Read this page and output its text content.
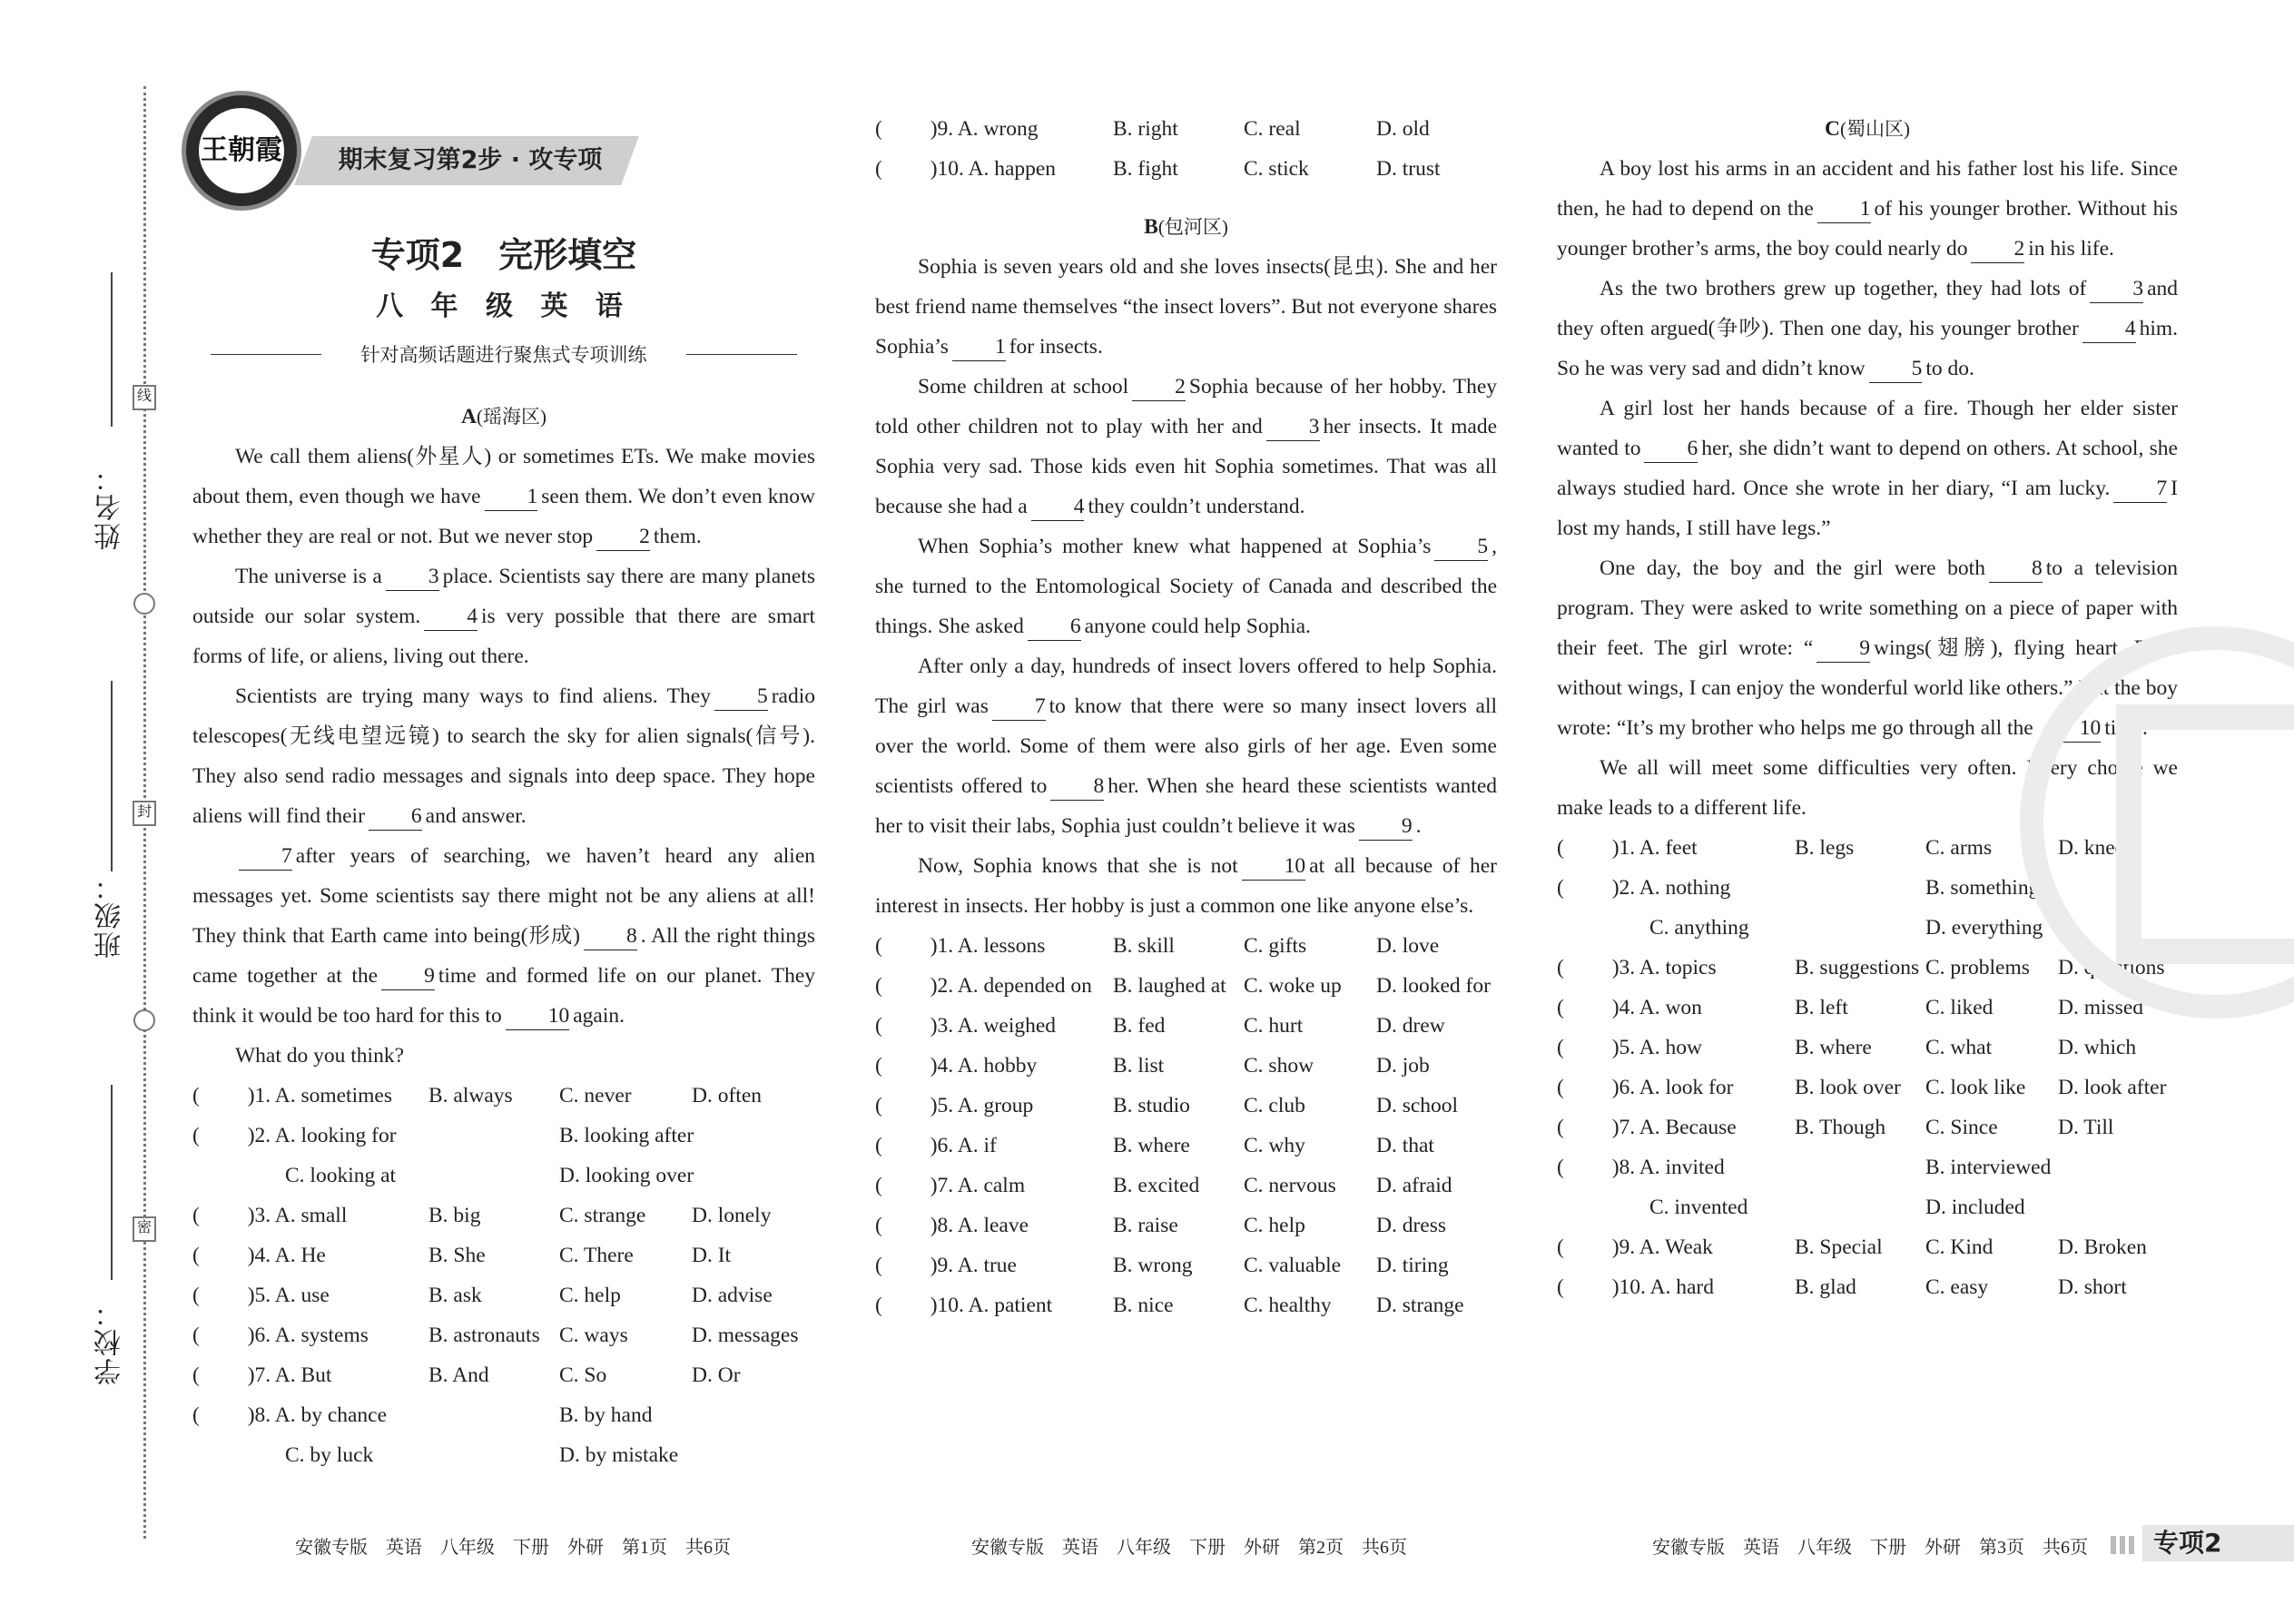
姓名：
班级：
学校：
线
封
密
王朝霞	期末复习第2步 · 攻专项
专项2　完形填空
八 年 级 英 语
针对高频话题进行聚焦式专项训练

A(瑶海区)

We call them aliens(外星人) or sometimes ETs. We make movies about them, even though we have 1 seen them. We don’t even know whether they are real or not. But we never stop 2 them.

The universe is a 3 place. Scientists say there are many planets outside our solar system. 4 is very possible that there are smart forms of life, or aliens, living out there.

Scientists are trying many ways to find aliens. They 5 radio telescopes(无线电望远镜) to search the sky for alien signals(信号). They also send radio messages and signals into deep space. They hope aliens will find their 6 and answer.

7 after years of searching, we haven’t heard any alien messages yet. Some scientists say there might not be any aliens at all! They think that Earth came into being(形成) 8 . All the right things came together at the 9 time and formed life on our planet. They think it would be too hard for this to 10 again.

What do you think?

( 　　)1. A. sometimes B. always C. never	D. often
( 　　)2. A. looking for	B. looking after
C. looking at	D. looking over
( 　　)3. A. small	B. big	C. strange D. lonely
( 　　)4. A. He	B. She	C. There	D. It
( 　　)5. A. use	B. ask	C. help	D. advise
( 　　)6. A. systems	B. astronauts C. ways	D. messages
( 　　)7. A. But	B. And	C. So	D. Or
( 　　)8. A. by chance	B. by hand
C. by luck	D. by mistake
( 　　)9. A. wrong	B. right	C. real	D. old
( 　　)10. A. happen	B. fight	C. stick	D. trust

B(包河区)

Sophia is seven years old and she loves insects(昆虫). She and her best friend name themselves “the insect lovers”. But not everyone shares Sophia’s 1 for insects.

Some children at school 2 Sophia because of her hobby. They told other children not to play with her and 3 her insects. It made Sophia very sad. Those kids even hit Sophia sometimes. That was all because she had a 4 they couldn’t understand.

When Sophia’s mother knew what happened at Sophia’s 5 , she turned to the Entomological Society of Canada and described the things. She asked 6 anyone could help Sophia.

After only a day, hundreds of insect lovers offered to help Sophia. The girl was 7 to know that there were so many insect lovers all over the world. Some of them were also girls of her age. Even some scientists offered to 8 her. When she heard these scientists wanted her to visit their labs, Sophia just couldn’t believe it was 9 .

Now, Sophia knows that she is not 10 at all because of her interest in insects. Her hobby is just a common one like anyone else’s.

( 　　)1. A. lessons	B. skill	C. gifts	D. love
( 　　)2. A. depended on B. laughed at C. woke up D. looked for
( 　　)3. A. weighed	B. fed	C. hurt	D. drew
( 　　)4. A. hobby	B. list	C. show	D. job
( 　　)5. A. group	B. studio	C. club	D. school
( 　　)6. A. if	B. where	C. why	D. that
( 　　)7. A. calm	B. excited C. nervous D. afraid
( 　　)8. A. leave	B. raise	C. help	D. dress
( 　　)9. A. true	B. wrong C. valuable D. tiring
( 　　)10. A. patient	B. nice	C. healthy D. strange

C(蜀山区)

A boy lost his arms in an accident and his father lost his life. Since then, he had to depend on the 1 of his younger brother. Without his younger brother’s arms, the boy could nearly do 2 in his life.

As the two brothers grew up together, they had lots of 3 and they often argued(争吵). Then one day, his younger brother 4 him. So he was very sad and didn’t know 5 to do.

A girl lost her hands because of a fire. Though her elder sister wanted to 6 her, she didn’t want to depend on others. At school, she always studied hard. Once she wrote in her diary, “I am lucky. 7 I lost my hands, I still have legs.”

One day, the boy and the girl were both 8 to a television program. They were asked to write something on a piece of paper with their feet. The girl wrote: “ 9 wings(翅膀), flying heart. Even without wings, I can enjoy the wonderful world like others.” But the boy wrote: “It’s my brother who helps me go through all the 10 time.”

We all will meet some difficulties very often. Every choice we make leads to a different life.

( 　　)1. A. feet	B. legs	C. arms	D. knees
( 　　)2. A. nothing	B. something
C. anything	D. everything
( 　　)3. A. topics	B. suggestions C. problems D. questions
( 　　)4. A. won	B. left	C. liked	D. missed
( 　　)5. A. how	B. where	C. what	D. which
( 　　)6. A. look for	B. look over C. look like D. look after
( 　　)7. A. Because	B. Though C. Since	D. Till
( 　　)8. A. invited	B. interviewed
C. invented	D. included
( 　　)9. A. Weak	B. Special C. Kind	D. Broken
( 　　)10. A. hard	B. glad	C. easy	D. short
安徽专版　英语　八年级　下册　外研　第1页　共6页	安徽专版　英语　八年级　下册　外研　第2页　共6页	安徽专版　英语　八年级　下册　外研　第3页　共6页	专项2
